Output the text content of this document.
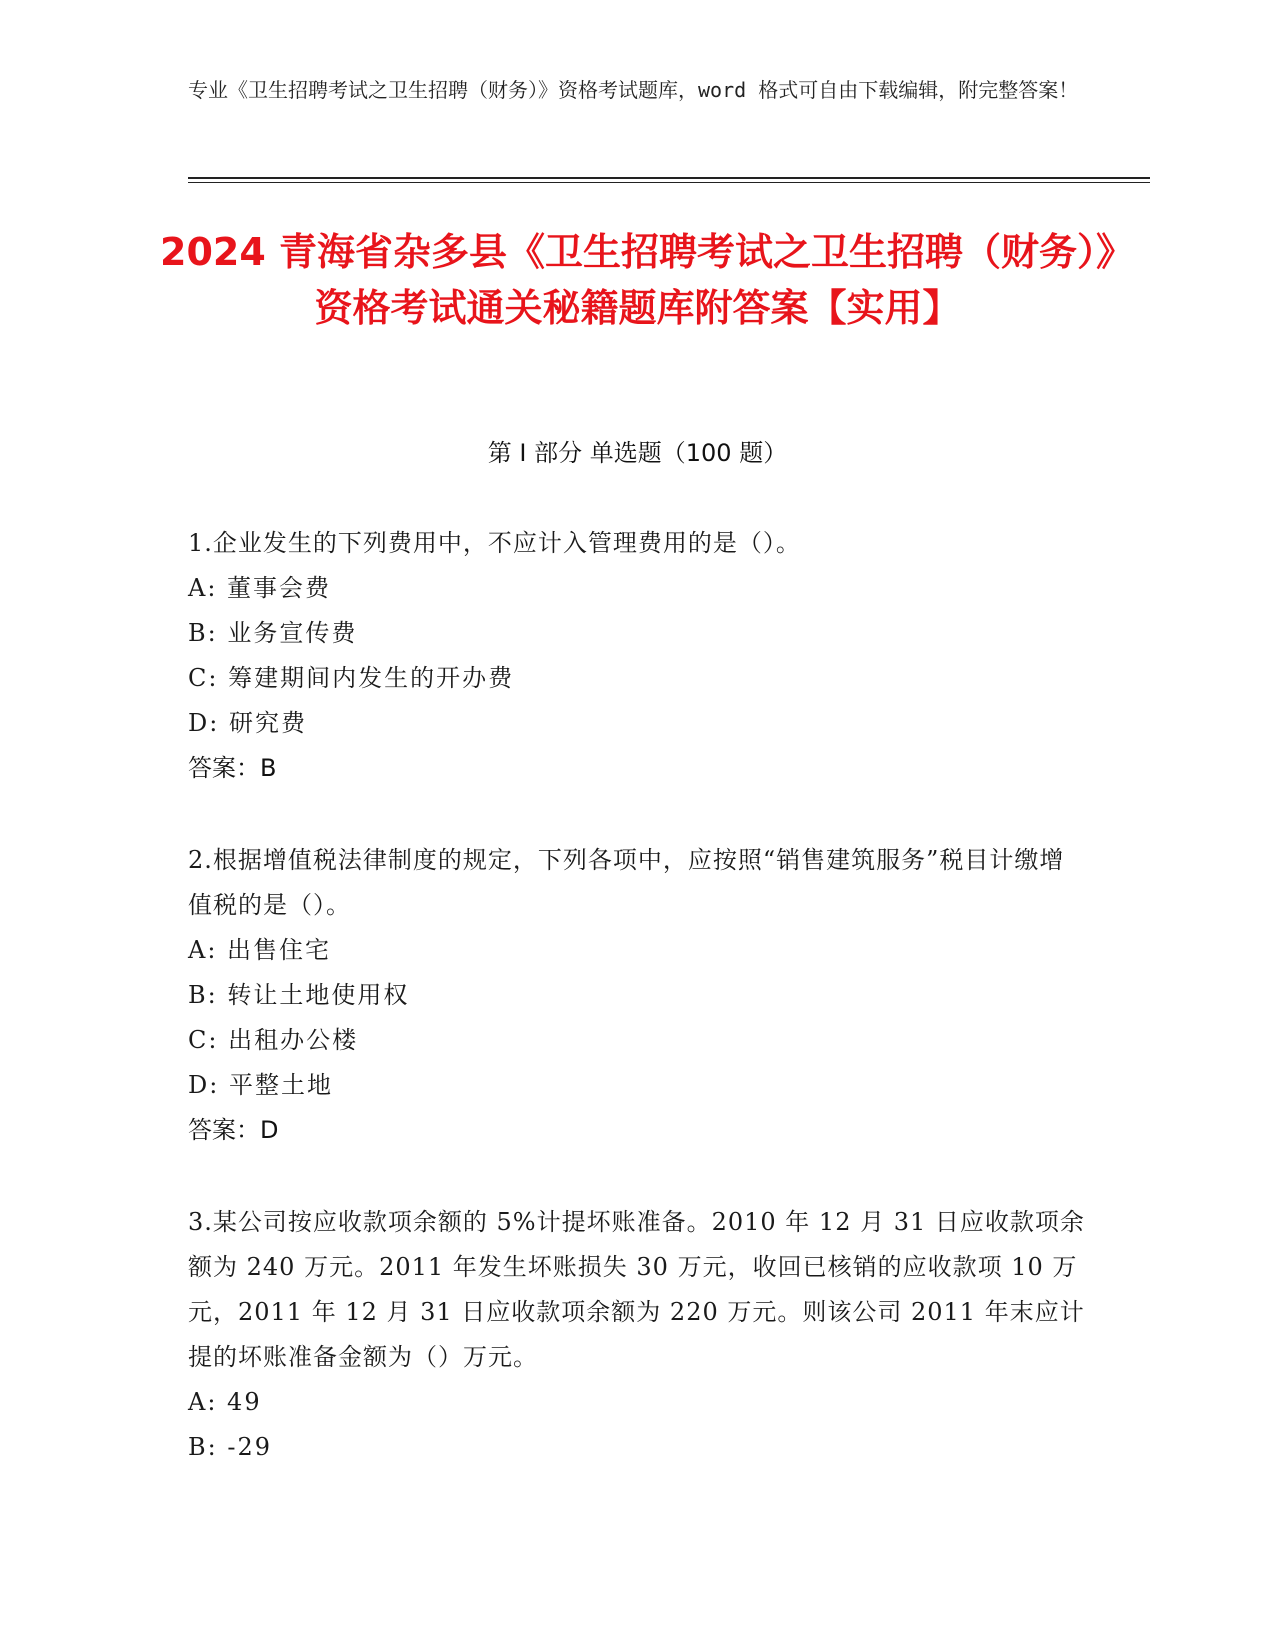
专业《卫生招聘考试之卫生招聘（财务）》资格考试题库，word 格式可自由下载编辑，附完整答案！
2024 青海省杂多县《卫生招聘考试之卫生招聘（财务）》资格考试通关秘籍题库附答案【实用】
第 I 部分 单选题（100 题）
1.企业发生的下列费用中，不应计入管理费用的是（）。
A: 董事会费
B: 业务宣传费
C: 筹建期间内发生的开办费
D: 研究费
答案：B
2.根据增值税法律制度的规定，下列各项中，应按照“销售建筑服务”税目计缴增值税的是（）。
A: 出售住宅
B: 转让土地使用权
C: 出租办公楼
D: 平整土地
答案：D
3.某公司按应收款项余额的 5%计提坏账准备。2010 年 12 月 31 日应收款项余额为 240 万元。2011 年发生坏账损失 30 万元，收回已核销的应收款项 10 万元，2011 年 12 月 31 日应收款项余额为 220 万元。则该公司 2011 年末应计提的坏账准备金额为（）万元。
A: 49
B: -29
